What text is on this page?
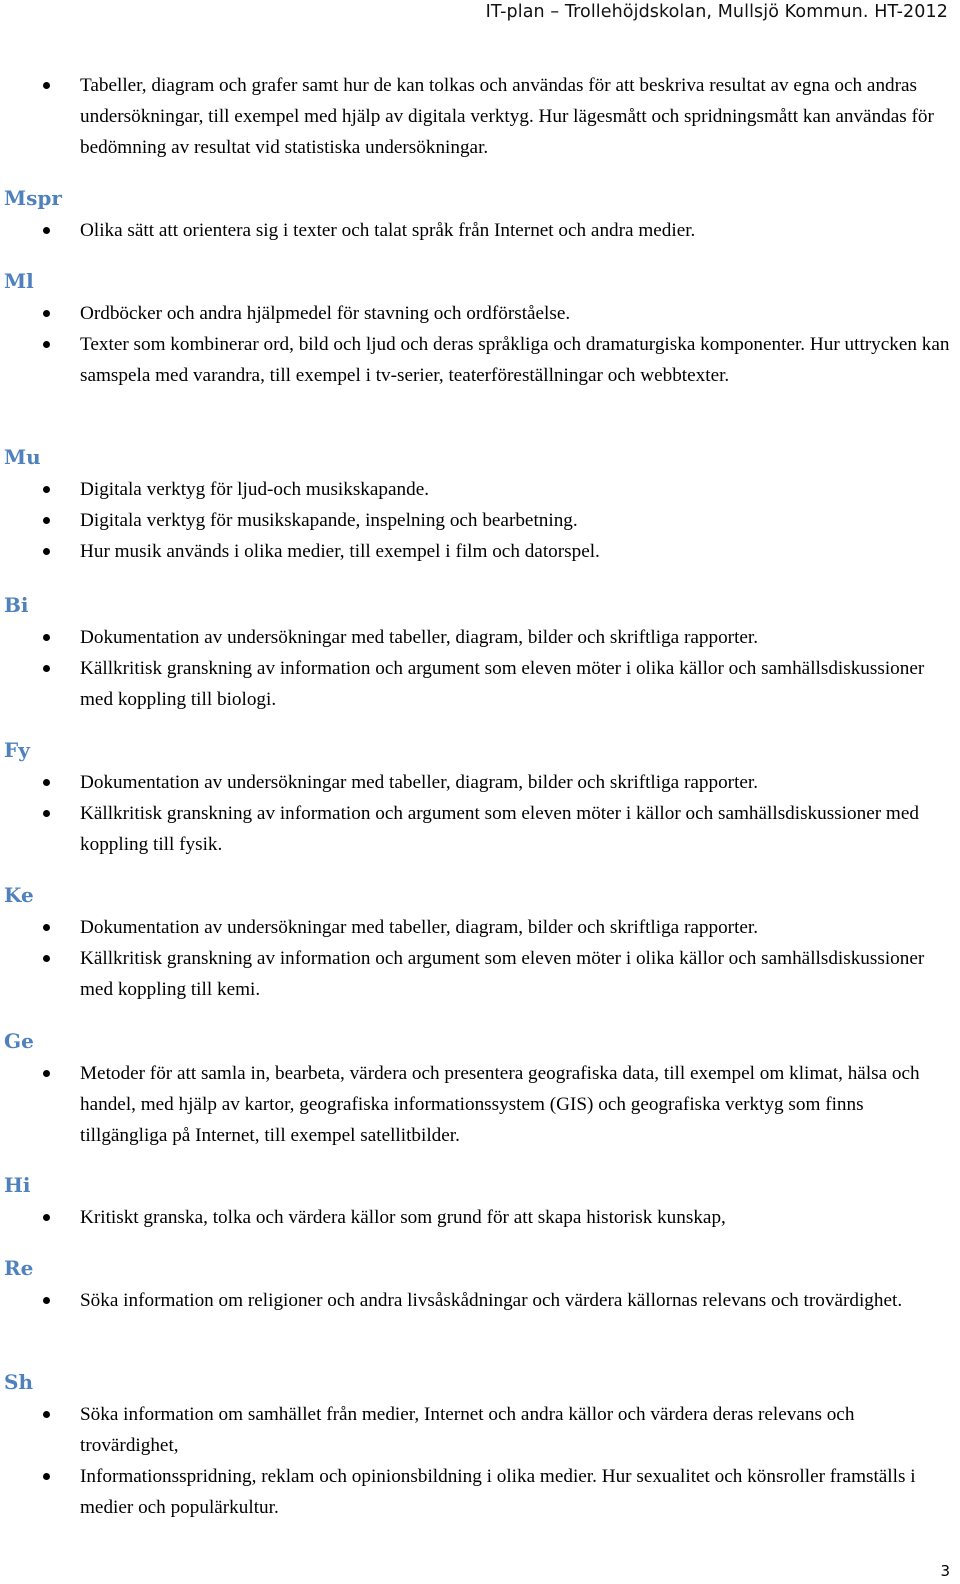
IT-plan – Trollehöjdskolan, Mullsjö Kommun. HT-2012
Tabeller, diagram och grafer samt hur de kan tolkas och användas för att beskriva resultat av egna och andras undersökningar, till exempel med hjälp av digitala verktyg. Hur lägesmått och spridningsmått kan användas för bedömning av resultat vid statistiska undersökningar.
Mspr
Olika sätt att orientera sig i texter och talat språk från Internet och andra medier.
Ml
Ordböcker och andra hjälpmedel för stavning och ordförståelse.
Texter som kombinerar ord, bild och ljud och deras språkliga och dramaturgiska komponenter. Hur uttrycken kan samspela med varandra, till exempel i tv-serier, teaterföreställningar och webbtexter.
Mu
Digitala verktyg för ljud-och musikskapande.
Digitala verktyg för musikskapande, inspelning och bearbetning.
Hur musik används i olika medier, till exempel i film och datorspel.
Bi
Dokumentation av undersökningar med tabeller, diagram, bilder och skriftliga rapporter.
Källkritisk granskning av information och argument som eleven möter i olika källor och samhällsdiskussioner med koppling till biologi.
Fy
Dokumentation av undersökningar med tabeller, diagram, bilder och skriftliga rapporter.
Källkritisk granskning av information och argument som eleven möter i källor och samhällsdiskussioner med koppling till fysik.
Ke
Dokumentation av undersökningar med tabeller, diagram, bilder och skriftliga rapporter.
Källkritisk granskning av information och argument som eleven möter i olika källor och samhällsdiskussioner med koppling till kemi.
Ge
Metoder för att samla in, bearbeta, värdera och presentera geografiska data, till exempel om klimat, hälsa och handel, med hjälp av kartor, geografiska informationssystem (GIS) och geografiska verktyg som finns tillgängliga på Internet, till exempel satellitbilder.
Hi
Kritiskt granska, tolka och värdera källor som grund för att skapa historisk kunskap,
Re
Söka information om religioner och andra livsåskådningar och värdera källornas relevans och trovärdighet.
Sh
Söka information om samhället från medier, Internet och andra källor och värdera deras relevans och trovärdighet,
Informationsspridning, reklam och opinionsbildning i olika medier. Hur sexualitet och könsroller framställs i medier och populärkultur.
3
